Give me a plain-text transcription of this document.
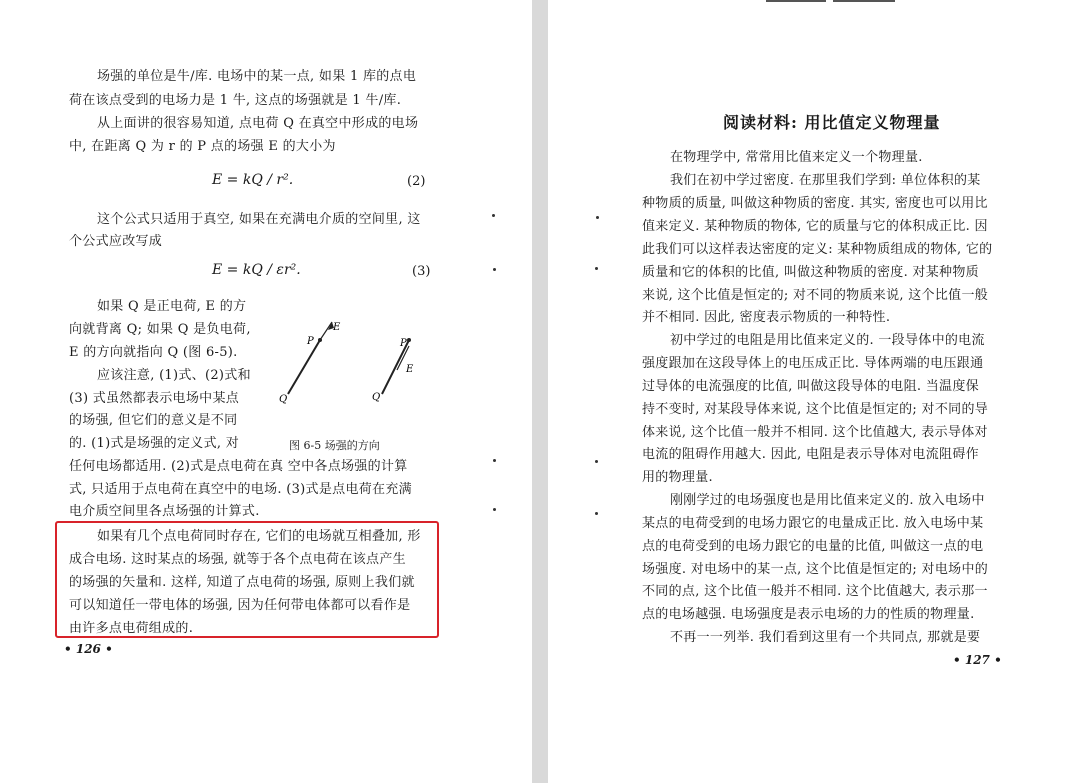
场强的单位是牛/库. 电场中的某一点, 如果 1 库的点电
荷在该点受到的电场力是 1 牛, 这点的场强就是 1 牛/库.
从上面讲的很容易知道, 点电荷 Q 在真空中形成的电场
中, 在距离 Q 为 r 的 P 点的场强 E 的大小为
E = kQ / r².	(2)
这个公式只适用于真空, 如果在充满电介质的空间里, 这
个公式应改写成
E = kQ / εr².	(3)
如果 Q 是正电荷, E 的方
向就背离 Q; 如果 Q 是负电荷,
E 的方向就指向 Q (图 6-5).
应该注意, (1)式、(2)式和
(3) 式虽然都表示电场中某点
的场强, 但它们的意义是不同
的. (1)式是场强的定义式, 对
P
E
Q
P
E
Q
图 6-5 场强的方向
任何电场都适用. (2)式是点电荷在真 空中各点场强的计算
式, 只适用于点电荷在真空中的电场. (3)式是点电荷在充满
电介质空间里各点场强的计算式.
如果有几个点电荷同时存在, 它们的电场就互相叠加, 形
成合电场. 这时某点的场强, 就等于各个点电荷在该点产生
的场强的矢量和. 这样, 知道了点电荷的场强, 原则上我们就
可以知道任一带电体的场强, 因为任何带电体都可以看作是
由许多点电荷组成的.
• 126 •
阅读材料: 用比值定义物理量
在物理学中, 常常用比值来定义一个物理量.
我们在初中学过密度. 在那里我们学到: 单位体积的某
种物质的质量, 叫做这种物质的密度. 其实, 密度也可以用比
值来定义. 某种物质的物体, 它的质量与它的体积成正比. 因
此我们可以这样表达密度的定义: 某种物质组成的物体, 它的
质量和它的体积的比值, 叫做这种物质的密度. 对某种物质
来说, 这个比值是恒定的; 对不同的物质来说, 这个比值一般
并不相同. 因此, 密度表示物质的一种特性.
初中学过的电阻是用比值来定义的. 一段导体中的电流
强度跟加在这段导体上的电压成正比. 导体两端的电压跟通
过导体的电流强度的比值, 叫做这段导体的电阻. 当温度保
持不变时, 对某段导体来说, 这个比值是恒定的; 对不同的导
体来说, 这个比值一般并不相同. 这个比值越大, 表示导体对
电流的阻碍作用越大. 因此, 电阻是表示导体对电流阻碍作
用的物理量.
刚刚学过的电场强度也是用比值来定义的. 放入电场中
某点的电荷受到的电场力跟它的电量成正比. 放入电场中某
点的电荷受到的电场力跟它的电量的比值, 叫做这一点的电
场强度. 对电场中的某一点, 这个比值是恒定的; 对电场中的
不同的点, 这个比值一般并不相同. 这个比值越大, 表示那一
点的电场越强. 电场强度是表示电场的力的性质的物理量.
不再一一列举. 我们看到这里有一个共同点, 那就是要
• 127 •
